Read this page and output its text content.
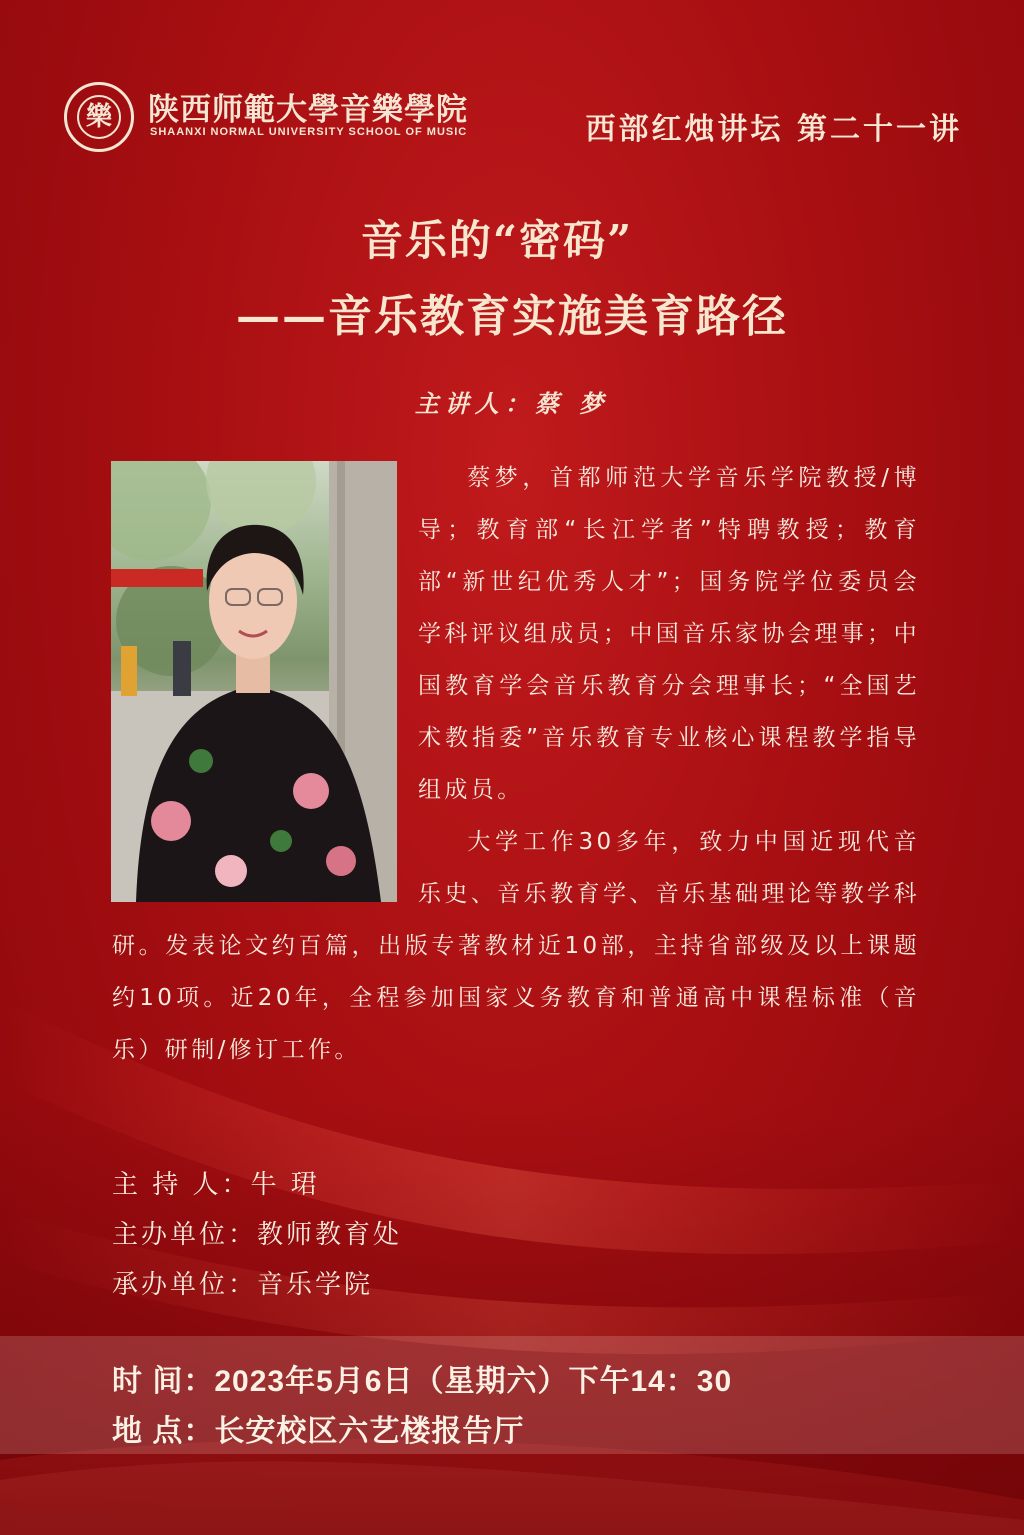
樂 陕西师範大學音樂學院
SHAANXI NORMAL UNIVERSITY SCHOOL OF MUSIC	西部红烛讲坛 第二十一讲
音乐的“密码”
——音乐教育实施美育路径
主讲人：蔡 梦

蔡梦，首都师范大学音乐学院教授/博导；教育部“长江学者”特聘教授；教育部“新世纪优秀人才”；国务院学位委员会学科评议组成员；中国音乐家协会理事；中国教育学会音乐教育分会理事长；“全国艺术教指委”音乐教育专业核心课程教学指导组成员。

大学工作30多年，致力中国近现代音乐史、音乐教育学、音乐基础理论等教学科研。发表论文约百篇，出版专著教材近10部，主持省部级及以上课题约10项。近20年，全程参加国家义务教育和普通高中课程标准（音乐）研制/修订工作。

主 持 人：牛 珺
主办单位：教师教育处
承办单位：音乐学院
时 间：2023年5月6日（星期六）下午14：30
地 点：长安校区六艺楼报告厅
